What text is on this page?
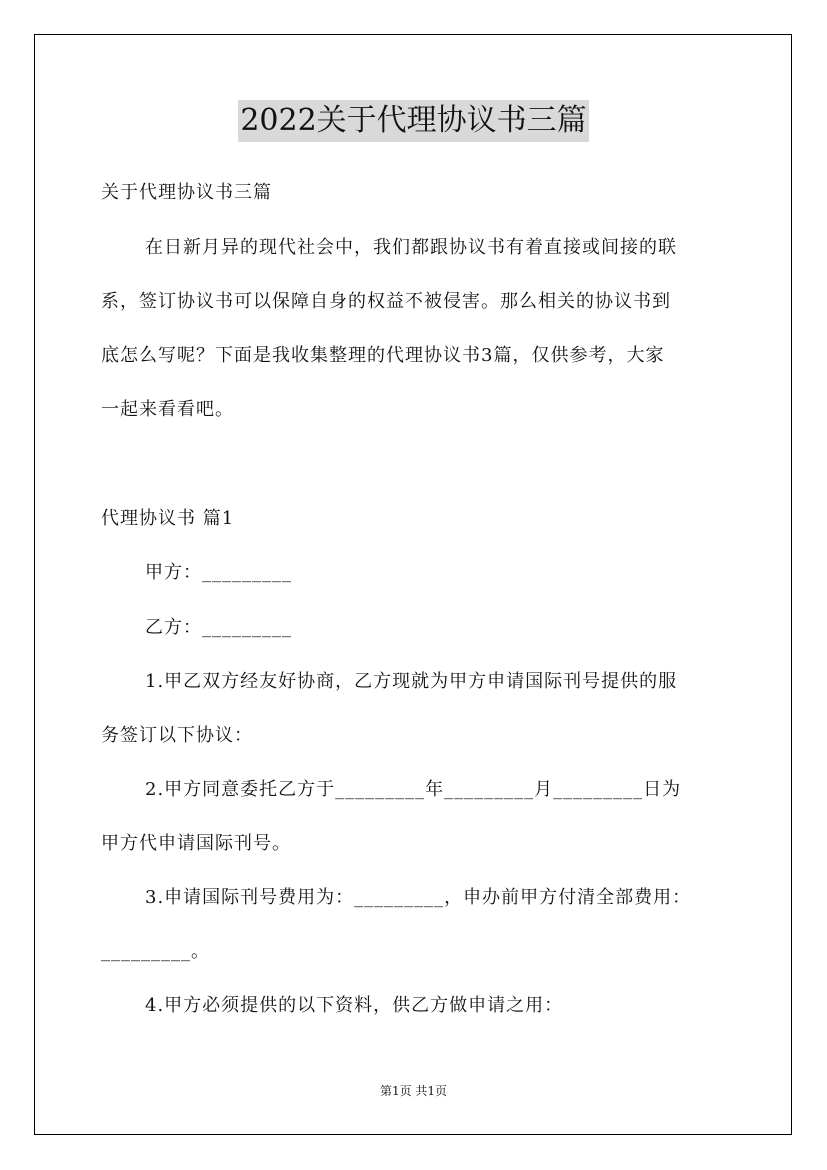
2022关于代理协议书三篇
关于代理协议书三篇
在日新月异的现代社会中，我们都跟协议书有着直接或间接的联
系，签订协议书可以保障自身的权益不被侵害。那么相关的协议书到
底怎么写呢？下面是我收集整理的代理协议书3篇，仅供参考，大家
一起来看看吧。
代理协议书 篇1
甲方：_________
乙方：_________
1.甲乙双方经友好协商，乙方现就为甲方申请国际刊号提供的服
务签订以下协议：
2.甲方同意委托乙方于_________年_________月_________日为
甲方代申请国际刊号。
3.申请国际刊号费用为：_________，申办前甲方付清全部费用：
_________。
4.甲方必须提供的以下资料，供乙方做申请之用：
第1页 共1页
